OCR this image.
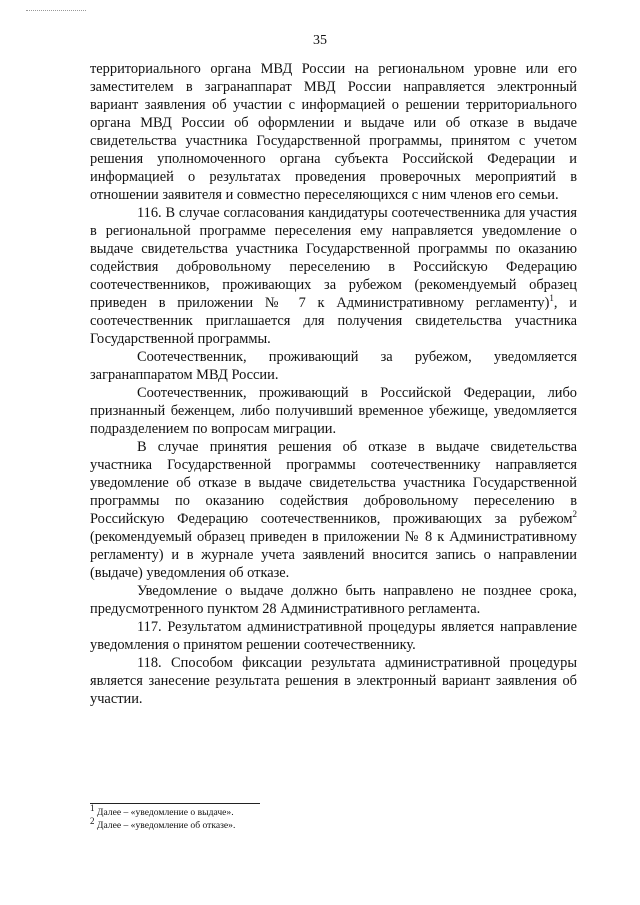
35

территориального органа МВД России на региональном уровне или его заместителем в загранаппарат МВД России направляется электронный вариант заявления об участии с информацией о решении территориального органа МВД России об оформлении и выдаче или об отказе в выдаче свидетельства участника Государственной программы, принятом с учетом решения уполномоченного органа субъекта Российской Федерации и информацией о результатах проведения проверочных мероприятий в отношении заявителя и совместно переселяющихся с ним членов его семьи.

116. В случае согласования кандидатуры соотечественника для участия в региональной программе переселения ему направляется уведомление о выдаче свидетельства участника Государственной программы по оказанию содействия добровольному переселению в Российскую Федерацию соотечественников, проживающих за рубежом (рекомендуемый образец приведен в приложении № 7 к Административному регламенту)$^1$, и соотечественник приглашается для получения свидетельства участника Государственной программы.

Соотечественник, проживающий за рубежом, уведомляется загранаппаратом МВД России.

Соотечественник, проживающий в Российской Федерации, либо признанный беженцем, либо получивший временное убежище, уведомляется подразделением по вопросам миграции.

В случае принятия решения об отказе в выдаче свидетельства участника Государственной программы соотечественнику направляется уведомление об отказе в выдаче свидетельства участника Государственной программы по оказанию содействия добровольному переселению в Российскую Федерацию соотечественников, проживающих за рубежом$^2$ (рекомендуемый образец приведен в приложении № 8 к Административному регламенту) и в журнале учета заявлений вносится запись о направлении (выдаче) уведомления об отказе.

Уведомление о выдаче должно быть направлено не позднее срока, предусмотренного пунктом 28 Административного регламента.

117. Результатом административной процедуры является направление уведомления о принятом решении соотечественнику.

118. Способом фиксации результата административной процедуры является занесение результата решения в электронный вариант заявления об участии.

$^1$ Далее – «уведомление о выдаче».
$^2$ Далее – «уведомление об отказе».
